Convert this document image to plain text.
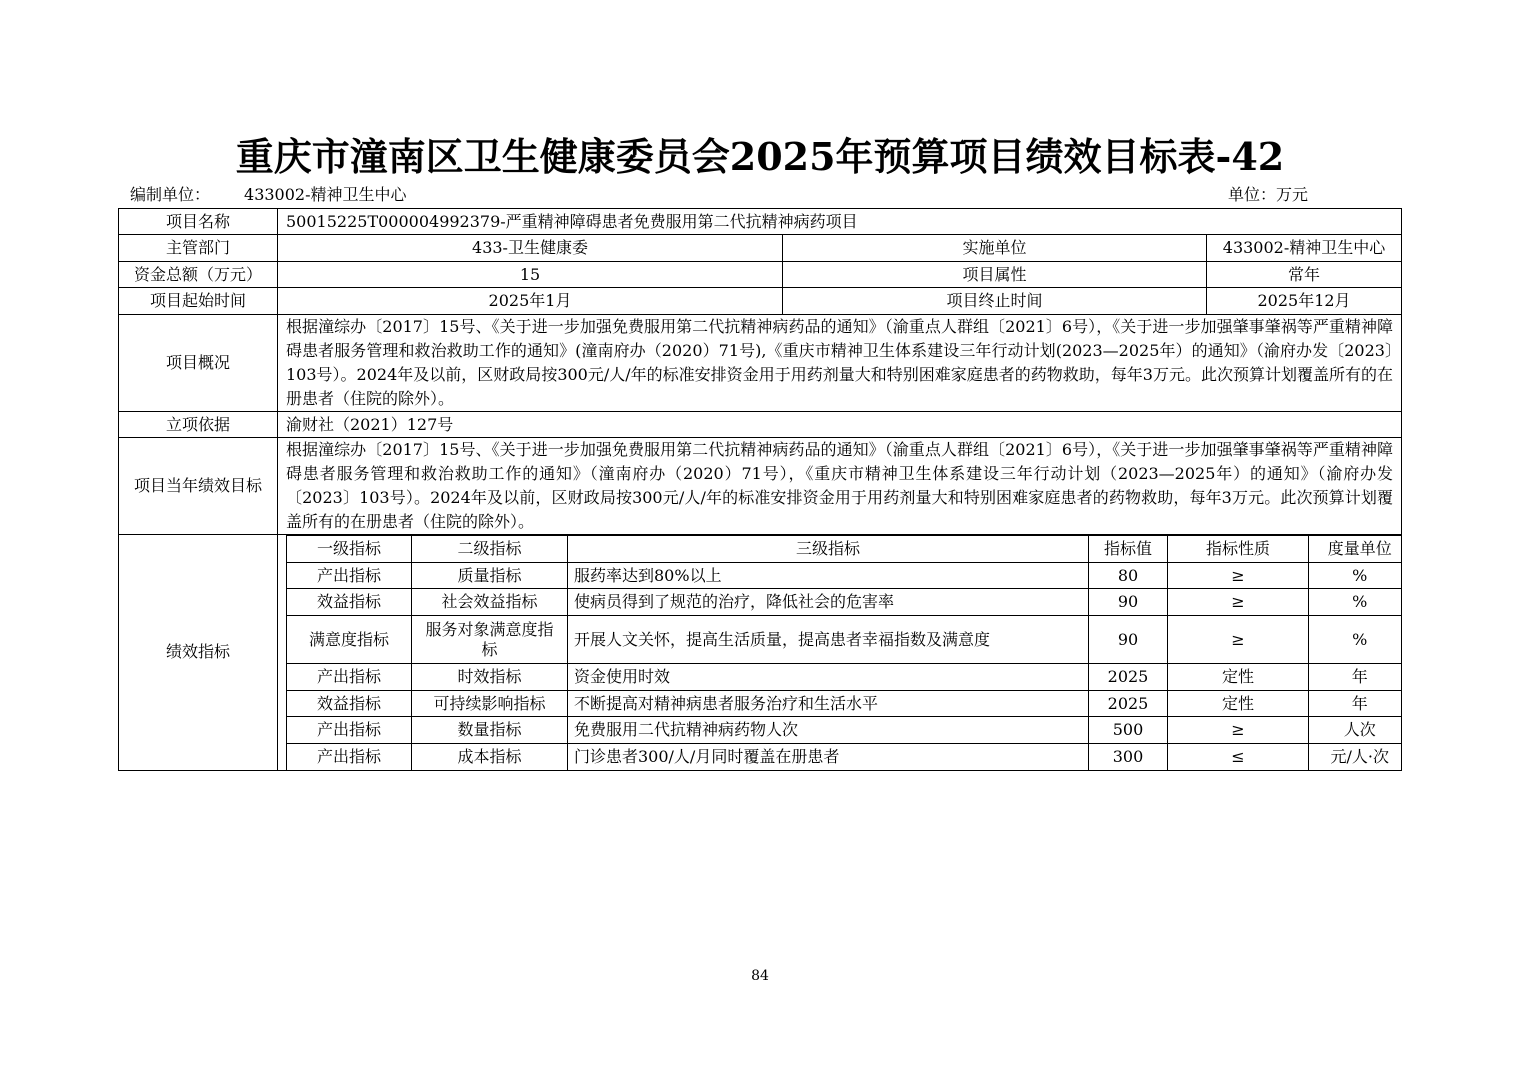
重庆市潼南区卫生健康委员会2025年预算项目绩效目标表-42
编制单位： 433002-精神卫生中心	单位：万元
项目名称	50015225T000004992379-严重精神障碍患者免费服用第二代抗精神病药项目
主管部门	433-卫生健康委	实施单位	433002-精神卫生中心
资金总额（万元）	15	项目属性	常年
项目起始时间	2025年1月	项目终止时间	2025年12月
项目概况	根据潼综办〔2017〕15号、《关于进一步加强免费服用第二代抗精神病药品的通知》（渝重点人群组〔2021〕6号），《关于进一步加强肇事肇祸等严重精神障碍患者服务管理和救治救助工作的通知》(潼南府办（2020）71号),《重庆市精神卫生体系建设三年行动计划(2023—2025年）的通知》（渝府办发〔2023〕103号）。2024年及以前，区财政局按300元/人/年的标准安排资金用于用药剂量大和特别困难家庭患者的药物救助，每年3万元。此次预算计划覆盖所有的在册患者（住院的除外）。
立项依据	渝财社（2021）127号
项目当年绩效目标	根据潼综办〔2017〕15号、《关于进一步加强免费服用第二代抗精神病药品的通知》（渝重点人群组〔2021〕6号），《关于进一步加强肇事肇祸等严重精神障碍患者服务管理和救治救助工作的通知》（潼南府办（2020）71号），《重庆市精神卫生体系建设三年行动计划（2023—2025年）的通知》（渝府办发〔2023〕103号）。2024年及以前，区财政局按300元/人/年的标准安排资金用于用药剂量大和特别困难家庭患者的药物救助，每年3万元。此次预算计划覆盖所有的在册患者（住院的除外）。
绩效指标	
一级指标	二级指标	三级指标	指标值	指标性质	度量单位
产出指标	质量指标	服药率达到80%以上	80	≥	%
效益指标	社会效益指标	使病员得到了规范的治疗，降低社会的危害率	90	≥	%
满意度指标	服务对象满意度指标	开展人文关怀，提高生活质量，提高患者幸福指数及满意度	90	≥	%
产出指标	时效指标	资金使用时效	2025	定性	年
效益指标	可持续影响指标	不断提高对精神病患者服务治疗和生活水平	2025	定性	年
产出指标	数量指标	免费服用二代抗精神病药物人次	500	≥	人次
产出指标	成本指标	门诊患者300/人/月同时覆盖在册患者	300	≤	元/人·次
84
